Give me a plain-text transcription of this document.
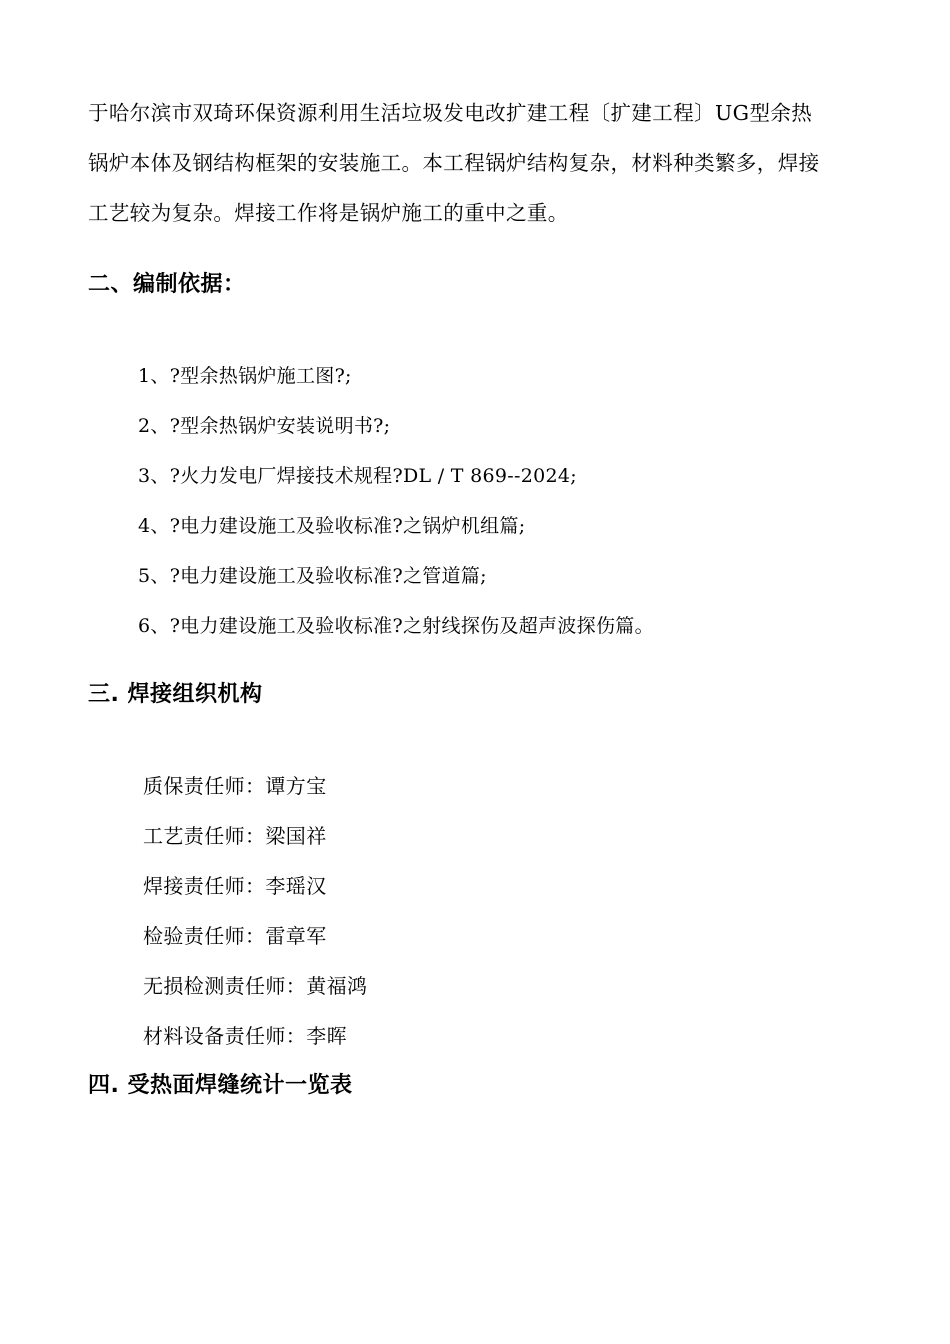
于哈尔滨市双琦环保资源利用生活垃圾发电改扩建工程〔扩建工程〕UG型余热
锅炉本体及钢结构框架的安装施工。本工程锅炉结构复杂，材料种类繁多，焊接
工艺较为复杂。焊接工作将是锅炉施工的重中之重。
二、编制依据：
1、?型余热锅炉施工图?;
2、?型余热锅炉安装说明书?;
3、?火力发电厂焊接技术规程?DL / T 869--2024;
4、?电力建设施工及验收标准?之锅炉机组篇;
5、?电力建设施工及验收标准?之管道篇;
6、?电力建设施工及验收标准?之射线探伤及超声波探伤篇。
三. 焊接组织机构
质保责任师：谭方宝
工艺责任师：梁国祥
焊接责任师：李瑶汉
检验责任师：雷章军
无损检测责任师：黄福鸿
材料设备责任师：李晖
四. 受热面焊缝统计一览表
